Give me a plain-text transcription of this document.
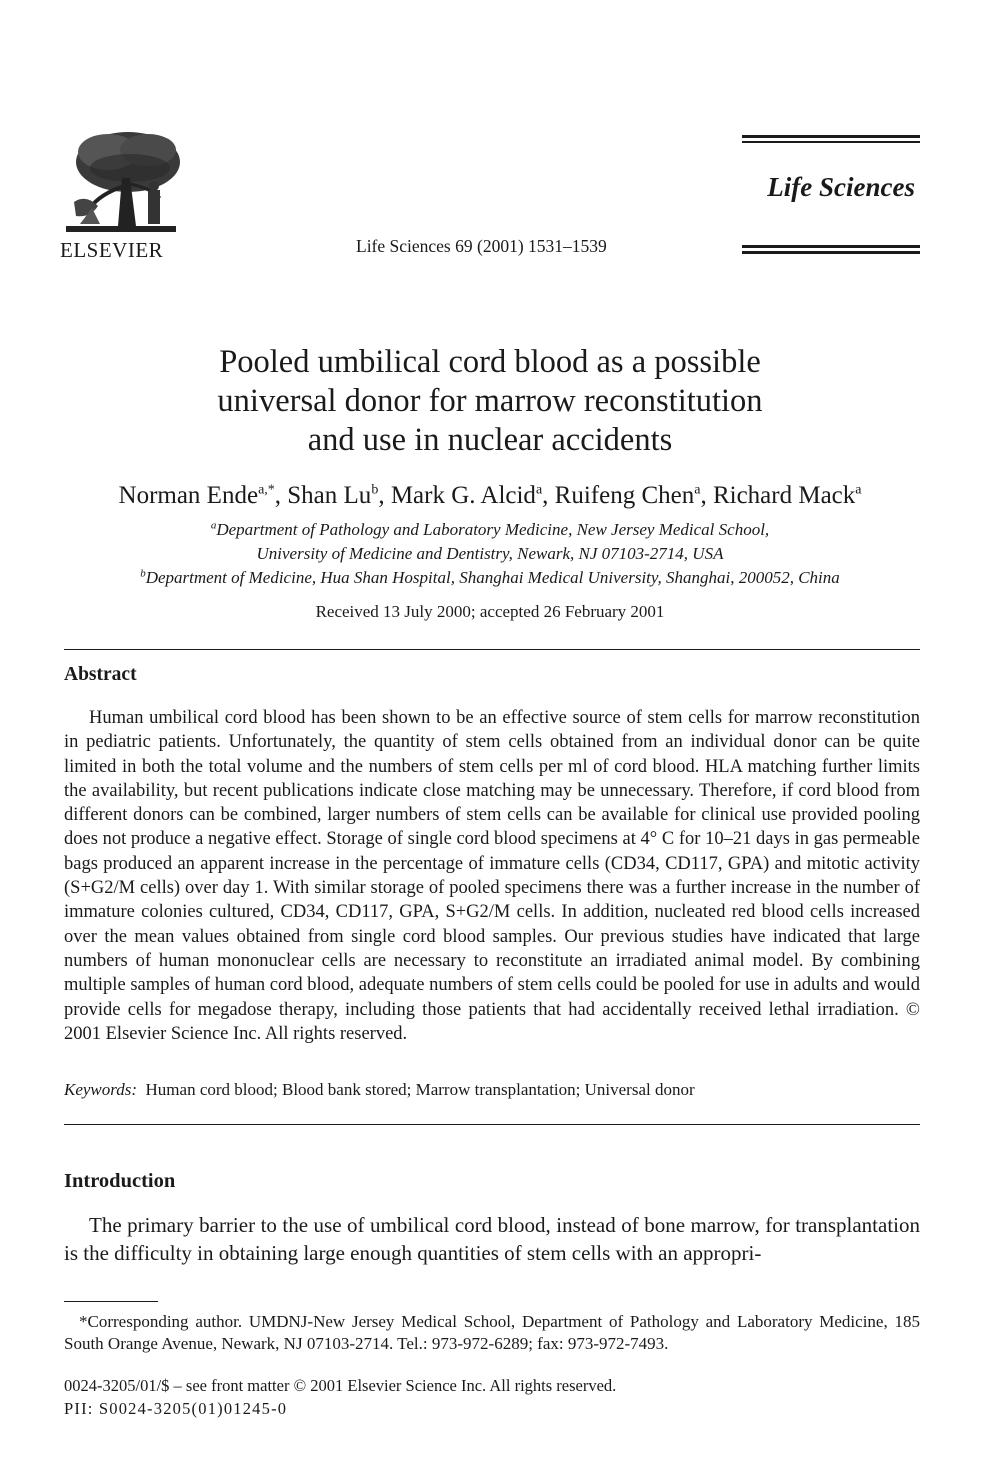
ELSEVIER	Life Sciences 69 (2001) 1531–1539
Life Sciences
Pooled umbilical cord blood as a possible
universal donor for marrow reconstitution
and use in nuclear accidents
Norman Ende$^{a,*}$, Shan Lu$^b$, Mark G. Alcid$^a$, Ruifeng Chen$^a$, Richard Mack$^a$
$^a$Department of Pathology and Laboratory Medicine, New Jersey Medical School,
University of Medicine and Dentistry, Newark, NJ 07103-2714, USA
$^b$Department of Medicine, Hua Shan Hospital, Shanghai Medical University, Shanghai, 200052, China
Received 13 July 2000; accepted 26 February 2001
Abstract
Human umbilical cord blood has been shown to be an effective source of stem cells for marrow reconstitution in pediatric patients. Unfortunately, the quantity of stem cells obtained from an individual donor can be quite limited in both the total volume and the numbers of stem cells per ml of cord blood. HLA matching further limits the availability, but recent publications indicate close matching may be unnecessary. Therefore, if cord blood from different donors can be combined, larger numbers of stem cells can be available for clinical use provided pooling does not produce a negative effect. Storage of single cord blood specimens at 4° C for 10–21 days in gas permeable bags produced an apparent increase in the percentage of immature cells (CD34, CD117, GPA) and mitotic activity (S+G2/M cells) over day 1. With similar storage of pooled specimens there was a further increase in the number of immature colonies cultured, CD34, CD117, GPA, S+G2/M cells. In addition, nucleated red blood cells increased over the mean values obtained from single cord blood samples. Our previous studies have indicated that large numbers of human mononuclear cells are necessary to reconstitute an irradiated animal model. By combining multiple samples of human cord blood, adequate numbers of stem cells could be pooled for use in adults and would provide cells for megadose therapy, including those patients that had accidentally received lethal irradiation. © 2001 Elsevier Science Inc. All rights reserved.
Keywords: Human cord blood; Blood bank stored; Marrow transplantation; Universal donor
Introduction
The primary barrier to the use of umbilical cord blood, instead of bone marrow, for transplantation is the difficulty in obtaining large enough quantities of stem cells with an appropri-
*Corresponding author. UMDNJ-New Jersey Medical School, Department of Pathology and Laboratory Medicine, 185 South Orange Avenue, Newark, NJ 07103-2714. Tel.: 973-972-6289; fax: 973-972-7493.
0024-3205/01/$ – see front matter © 2001 Elsevier Science Inc. All rights reserved.
PII: S0024-3205(01)01245-0
